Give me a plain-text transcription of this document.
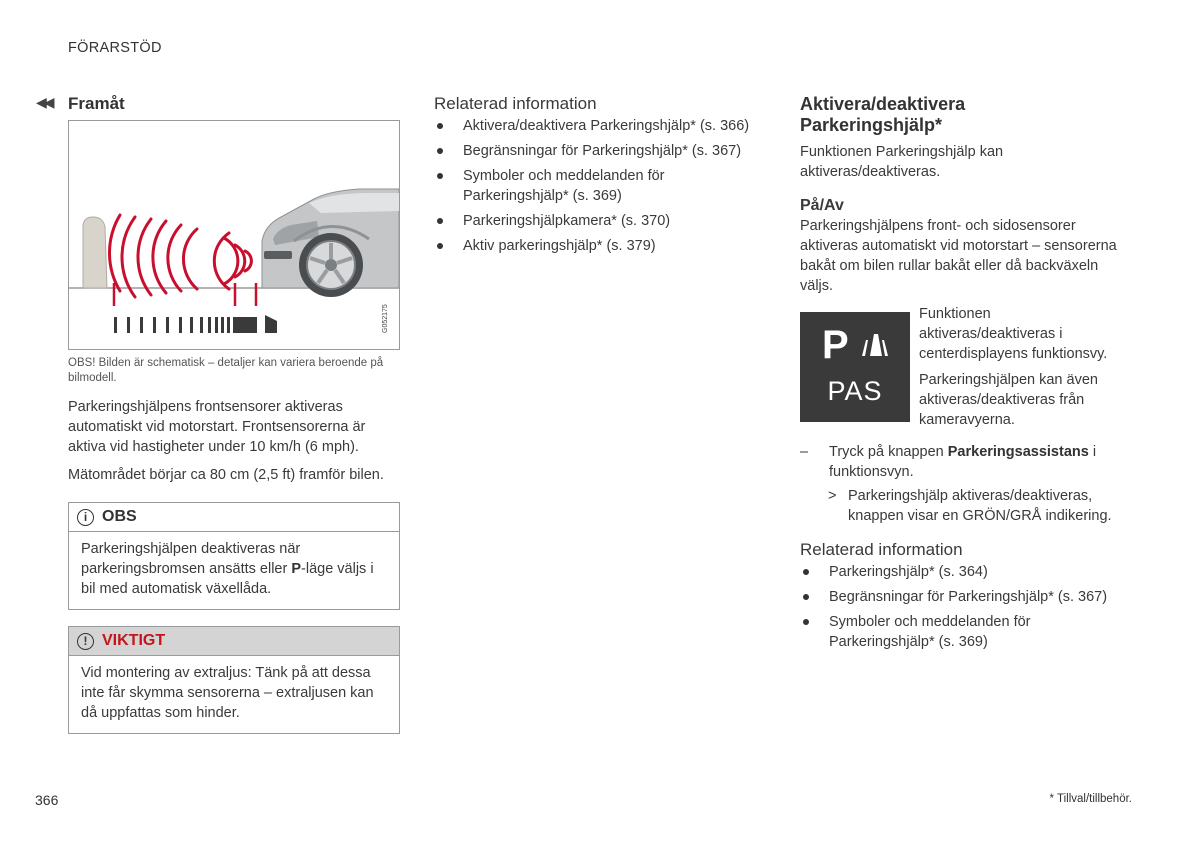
FÖRARSTÖD
◀◀ Framåt
G052175

OBS! Bilden är schematisk – detaljer kan variera beroende på bilmodell.

Parkeringshjälpens frontsensorer aktiveras automatiskt vid motorstart. Frontsensorerna är aktiva vid hastigheter under 10 km/h (6 mph).

Mätområdet börjar ca 80 cm (2,5 ft) framför bilen.

i OBS
Parkeringshjälpen deaktiveras när parkeringsbromsen ansätts eller P-läge väljs i bil med automatisk växellåda.
! VIKTIGT
Vid montering av extraljus: Tänk på att dessa inte får skymma sensorerna – extraljusen kan då uppfattas som hinder.
Relaterad information
Aktivera/deaktivera Parkeringshjälp* (s. 366)
Begränsningar för Parkeringshjälp* (s. 367)
Symboler och meddelanden för Parkeringshjälp* (s. 369)
Parkeringshjälpkamera* (s. 370)
Aktiv parkeringshjälp* (s. 379)
Aktivera/deaktivera Parkeringshjälp*

Funktionen Parkeringshjälp kan aktiveras/deaktiveras.

På/Av

Parkeringshjälpens front- och sidosensorer aktiveras automatiskt vid motorstart – sensorerna bakåt om bilen rullar bakåt eller då backväxeln väljs.

P
PAS

Funktionen aktiveras/deaktiveras i centerdisplayens funktionsvy.

Parkeringshjälpen kan även aktiveras/deaktiveras från kameravyerna.

– Tryck på knappen Parkeringsassistans i funktionsvyn.
> Parkeringshjälp aktiveras/deaktiveras, knappen visar en GRÖN/GRÅ indikering.
Relaterad information
Parkeringshjälp* (s. 364)
Begränsningar för Parkeringshjälp* (s. 367)
Symboler och meddelanden för Parkeringshjälp* (s. 369)
366	* Tillval/tillbehör.
